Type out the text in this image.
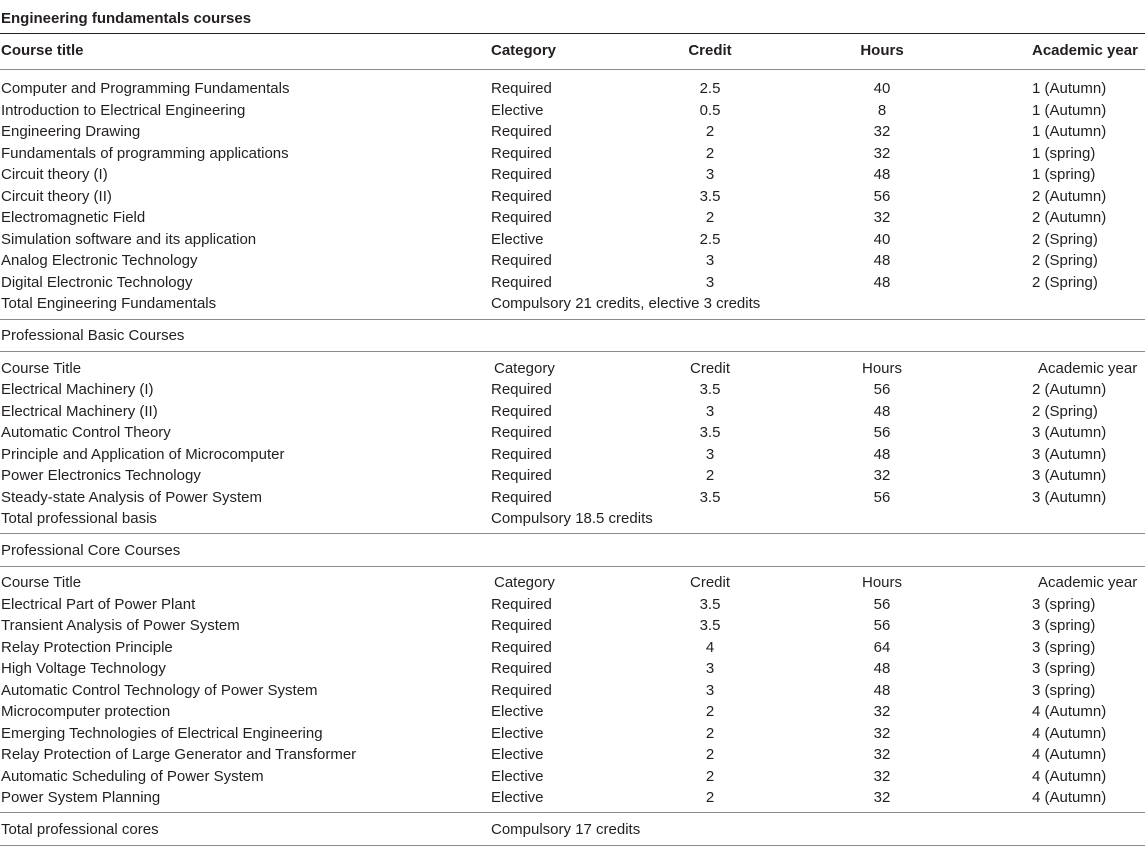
Engineering fundamentals courses
Course title	Category	Credit	Hours	Academic year
Computer and Programming Fundamentals	Required	2.5	40	1 (Autumn)
Introduction to Electrical Engineering	Elective	0.5	8	1 (Autumn)
Engineering Drawing	Required	2	32	1 (Autumn)
Fundamentals of programming applications	Required	2	32	1 (spring)
Circuit theory (I)	Required	3	48	1 (spring)
Circuit theory (II)	Required	3.5	56	2 (Autumn)
Electromagnetic Field	Required	2	32	2 (Autumn)
Simulation software and its application	Elective	2.5	40	2 (Spring)
Analog Electronic Technology	Required	3	48	2 (Spring)
Digital Electronic Technology	Required	3	48	2 (Spring)
Total Engineering Fundamentals	Compulsory 21 credits, elective 3 credits
Professional Basic Courses
Course Title	Category	Credit	Hours	Academic year
Electrical Machinery (I)	Required	3.5	56	2 (Autumn)
Electrical Machinery (II)	Required	3	48	2 (Spring)
Automatic Control Theory	Required	3.5	56	3 (Autumn)
Principle and Application of Microcomputer	Required	3	48	3 (Autumn)
Power Electronics Technology	Required	2	32	3 (Autumn)
Steady-state Analysis of Power System	Required	3.5	56	3 (Autumn)
Total professional basis	Compulsory 18.5 credits
Professional Core Courses
Course Title	Category	Credit	Hours	Academic year
Electrical Part of Power Plant	Required	3.5	56	3 (spring)
Transient Analysis of Power System	Required	3.5	56	3 (spring)
Relay Protection Principle	Required	4	64	3 (spring)
High Voltage Technology	Required	3	48	3 (spring)
Automatic Control Technology of Power System	Required	3	48	3 (spring)
Microcomputer protection	Elective	2	32	4 (Autumn)
Emerging Technologies of Electrical Engineering	Elective	2	32	4 (Autumn)
Relay Protection of Large Generator and Transformer	Elective	2	32	4 (Autumn)
Automatic Scheduling of Power System	Elective	2	32	4 (Autumn)
Power System Planning	Elective	2	32	4 (Autumn)
Total professional cores	Compulsory 17 credits
